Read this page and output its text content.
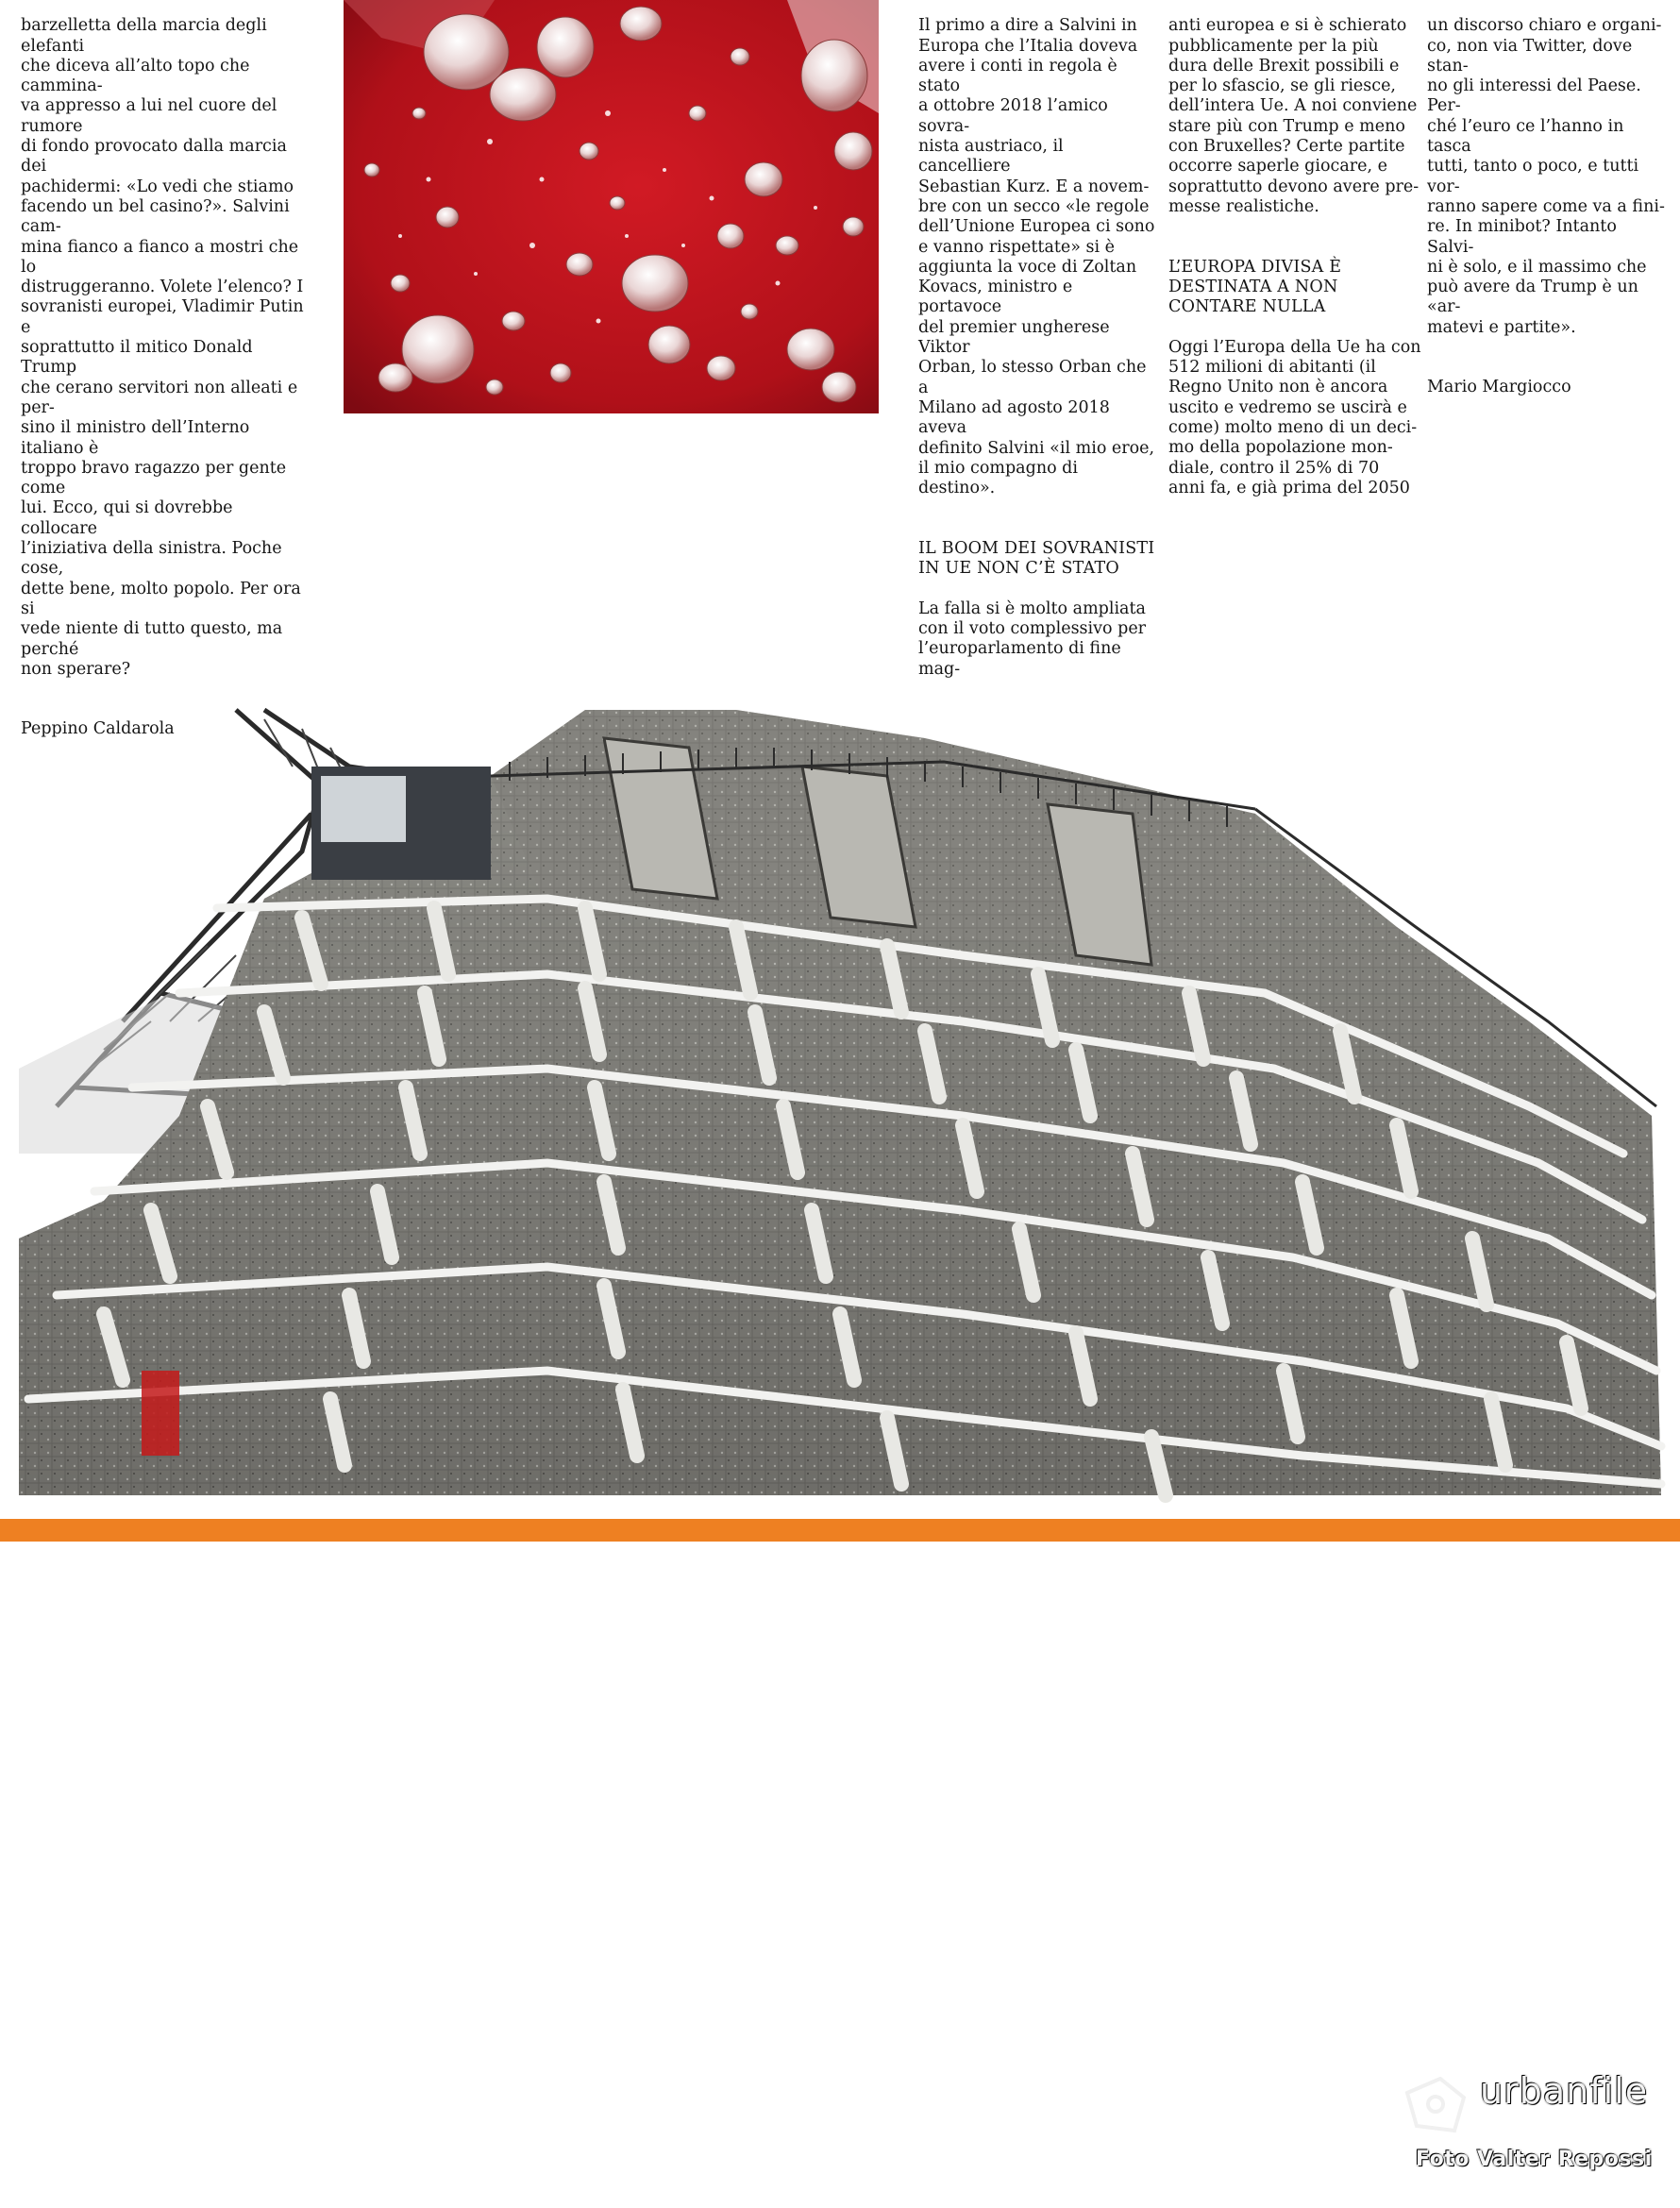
barzelletta della marcia degli elefanti
che diceva all’alto topo che cammina-
va appresso a lui nel cuore del rumore
di fondo provocato dalla marcia dei
pachidermi: «Lo vedi che stiamo
facendo un bel casino?». Salvini cam-
mina fianco a fianco a mostri che lo
distruggeranno. Volete l’elenco? I
sovranisti europei, Vladimir Putin e
soprattutto il mitico Donald Trump
che cerano servitori non alleati e per-
sino il ministro dell’Interno italiano è
troppo bravo ragazzo per gente come
lui. Ecco, qui si dovrebbe collocare
l’iniziativa della sinistra. Poche cose,
dette bene, molto popolo. Per ora si
vede niente di tutto questo, ma perché
non sperare?

Peppino Caldarola

Il primo a dire a Salvini in
Europa che l’Italia doveva
avere i conti in regola è stato
a ottobre 2018 l’amico sovra-
nista austriaco, il cancelliere
Sebastian Kurz. E a novem-
bre con un secco «le regole
dell’Unione Europea ci sono
e vanno rispettate» si è
aggiunta la voce di Zoltan
Kovacs, ministro e portavoce
del premier ungherese Viktor
Orban, lo stesso Orban che a
Milano ad agosto 2018 aveva
definito Salvini «il mio eroe,
il mio compagno di destino».

IL BOOM DEI SOVRANISTI
IN UE NON C’È STATO

La falla si è molto ampliata
con il voto complessivo per
l’europarlamento di fine mag-

anti europea e si è schierato
pubblicamente per la più
dura delle Brexit possibili e
per lo sfascio, se gli riesce,
dell’intera Ue. A noi conviene
stare più con Trump e meno
con Bruxelles? Certe partite
occorre saperle giocare, e
soprattutto devono avere pre-
messe realistiche.

L’EUROPA DIVISA È
DESTINATA A NON
CONTARE NULLA

Oggi l’Europa della Ue ha con
512 milioni di abitanti (il
Regno Unito non è ancora
uscito e vedremo se uscirà e
come) molto meno di un deci-
mo della popolazione mon-
diale, contro il 25% di 70
anni fa, e già prima del 2050

un discorso chiaro e organi-
co, non via Twitter, dove stan-
no gli interessi del Paese. Per-
ché l’euro ce l’hanno in tasca
tutti, tanto o poco, e tutti vor-
ranno sapere come va a fini-
re. In minibot? Intanto Salvi-
ni è solo, e il massimo che
può avere da Trump è un «ar-
matevi e partite».

Mario Margiocco

urbanfile
Foto Valter Repossi
